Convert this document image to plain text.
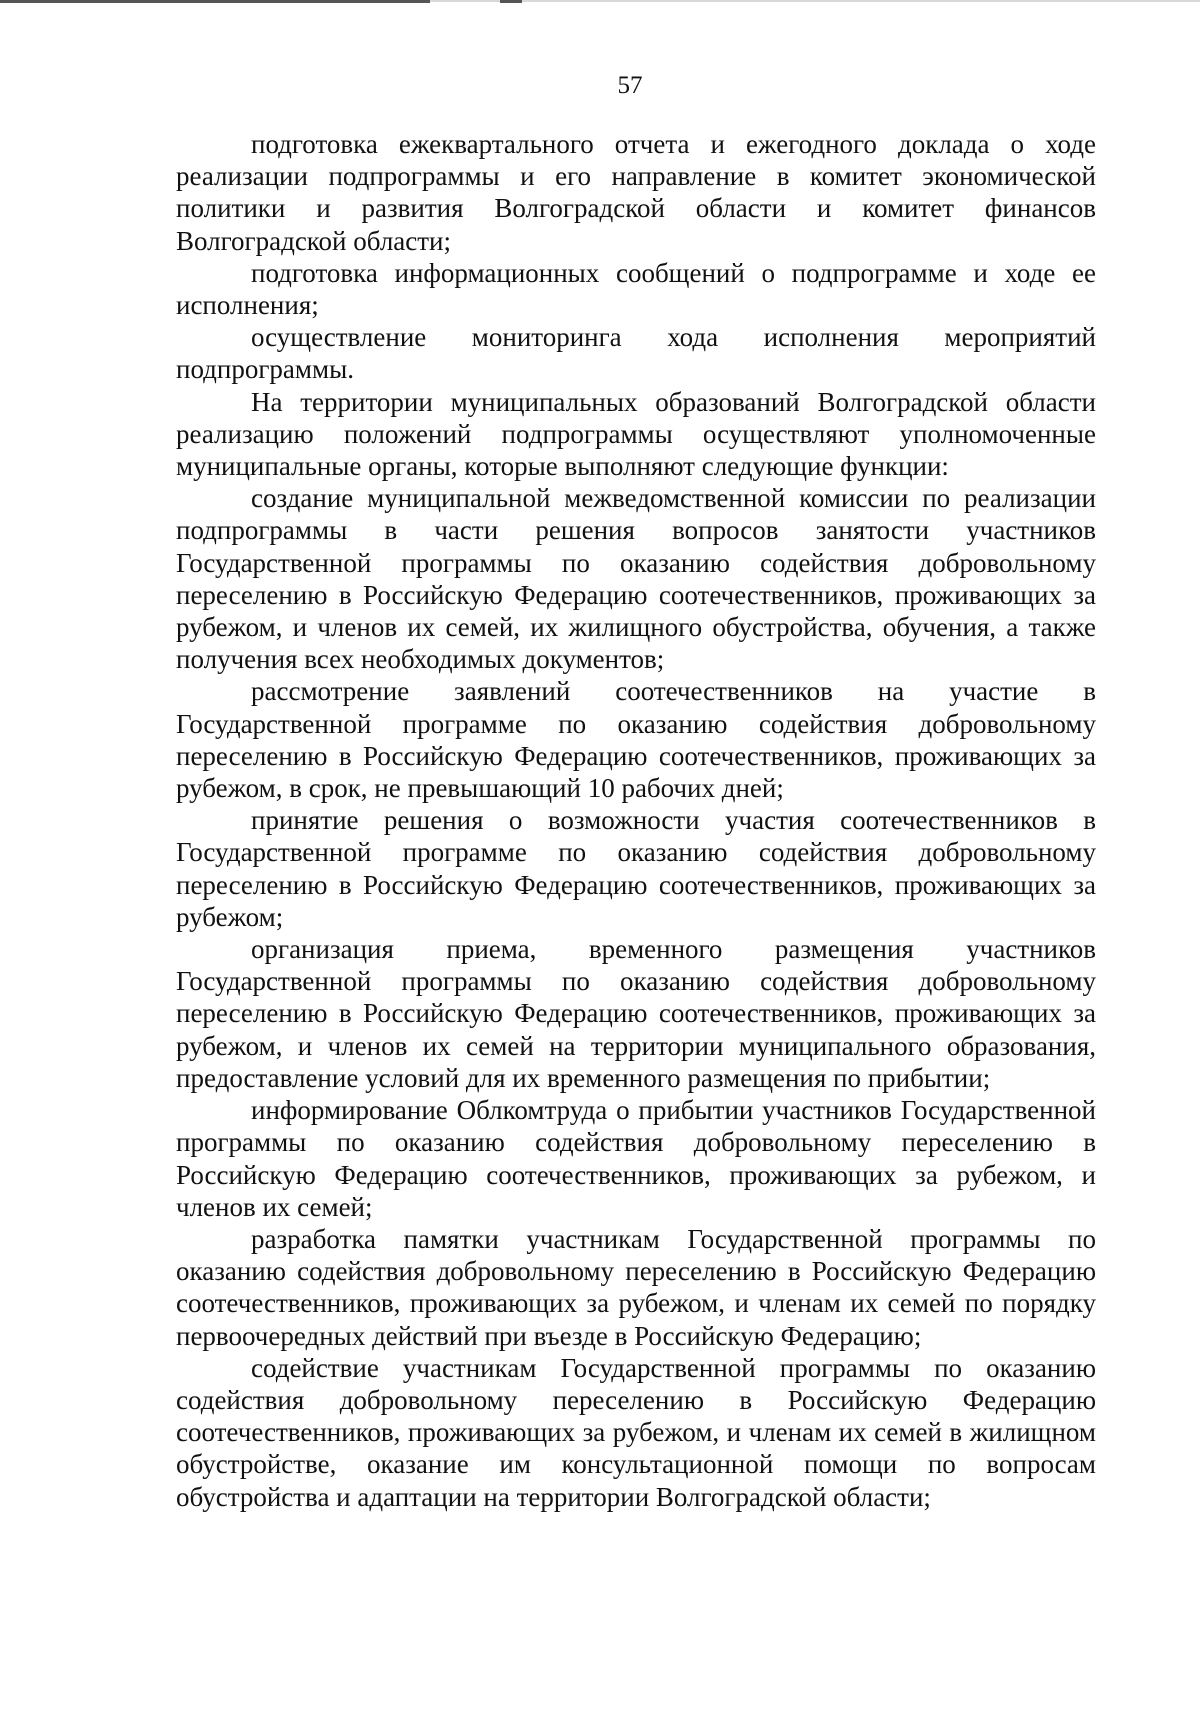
57

подготовка ежеквартального отчета и ежегодного доклада о ходе реализации подпрограммы и его направление в комитет экономической политики и развития Волгоградской области и комитет финансов Волгоградской области;

подготовка информационных сообщений о подпрограмме и ходе ее исполнения;

осуществление мониторинга хода исполнения мероприятий подпрограммы.

На территории муниципальных образований Волгоградской области реализацию положений подпрограммы осуществляют уполномоченные муниципальные органы, которые выполняют следующие функции:

создание муниципальной межведомственной комиссии по реализации подпрограммы в части решения вопросов занятости участников Государственной программы по оказанию содействия добровольному переселению в Российскую Федерацию соотечественников, проживающих за рубежом, и членов их семей, их жилищного обустройства, обучения, а также получения всех необходимых документов;

рассмотрение заявлений соотечественников на участие в Государственной программе по оказанию содействия добровольному переселению в Российскую Федерацию соотечественников, проживающих за рубежом, в срок, не превышающий 10 рабочих дней;

принятие решения о возможности участия соотечественников в Государственной программе по оказанию содействия добровольному переселению в Российскую Федерацию соотечественников, проживающих за рубежом;

организация приема, временного размещения участников Государственной программы по оказанию содействия добровольному переселению в Российскую Федерацию соотечественников, проживающих за рубежом, и членов их семей на территории муниципального образования, предоставление условий для их временного размещения по прибытии;

информирование Облкомтруда о прибытии участников Государственной программы по оказанию содействия добровольному переселению в Российскую Федерацию соотечественников, проживающих за рубежом, и членов их семей;

разработка памятки участникам Государственной программы по оказанию содействия добровольному переселению в Российскую Федерацию соотечественников, проживающих за рубежом, и членам их семей по порядку первоочередных действий при въезде в Российскую Федерацию;

содействие участникам Государственной программы по оказанию содействия добровольному переселению в Российскую Федерацию соотечественников, проживающих за рубежом, и членам их семей в жилищном обустройстве, оказание им консультационной помощи по вопросам обустройства и адаптации на территории Волгоградской области;
